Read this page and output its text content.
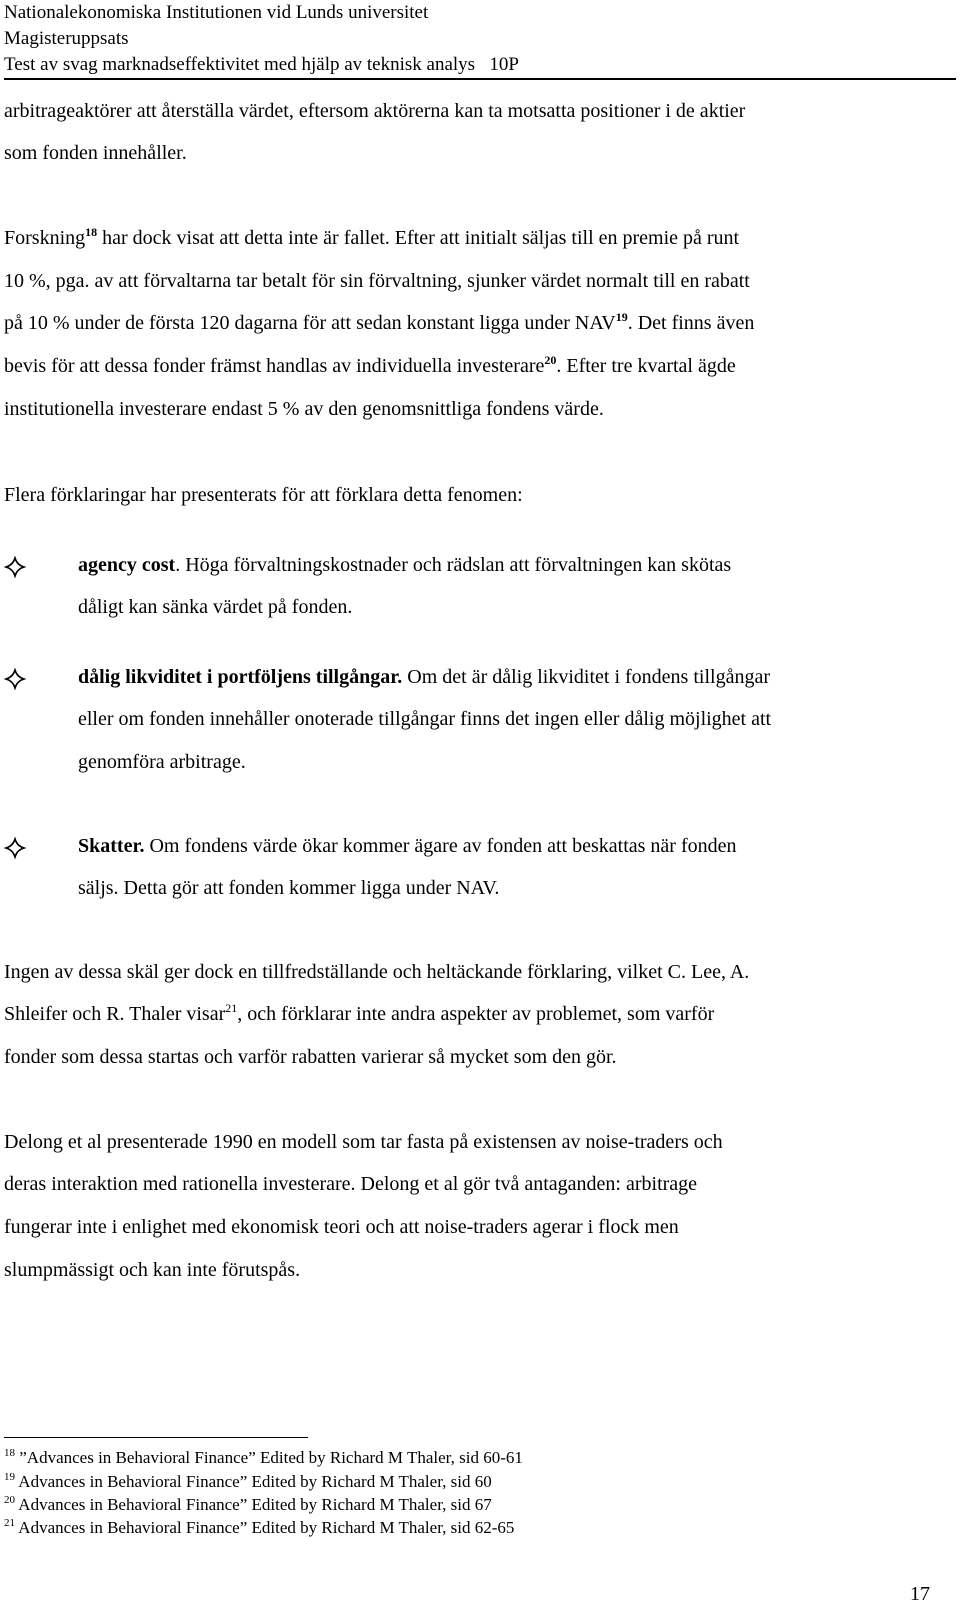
Nationalekonomiska Institutionen vid Lunds universitet
Magisteruppsats
Test av svag marknadseffektivitet med hjälp av teknisk analys 10P
arbitrageaktörer att återställa värdet, eftersom aktörerna kan ta motsatta positioner i de aktier
som fonden innehåller.
Forskning$^{18}$ har dock visat att detta inte är fallet. Efter att initialt säljas till en premie på runt
10 %, pga. av att förvaltarna tar betalt för sin förvaltning, sjunker värdet normalt till en rabatt
på 10 % under de första 120 dagarna för att sedan konstant ligga under NAV$^{19}$. Det finns även
bevis för att dessa fonder främst handlas av individuella investerare$^{20}$. Efter tre kvartal ägde
institutionella investerare endast 5 % av den genomsnittliga fondens värde.
Flera förklaringar har presenterats för att förklara detta fenomen:
agency cost. Höga förvaltningskostnader och rädslan att förvaltningen kan skötas
dåligt kan sänka värdet på fonden.
dålig likviditet i portföljens tillgångar. Om det är dålig likviditet i fondens tillgångar
eller om fonden innehåller onoterade tillgångar finns det ingen eller dålig möjlighet att
genomföra arbitrage.
Skatter. Om fondens värde ökar kommer ägare av fonden att beskattas när fonden
säljs. Detta gör att fonden kommer ligga under NAV.
Ingen av dessa skäl ger dock en tillfredställande och heltäckande förklaring, vilket C. Lee, A.
Shleifer och R. Thaler visar$^{21}$, och förklarar inte andra aspekter av problemet, som varför
fonder som dessa startas och varför rabatten varierar så mycket som den gör.
Delong et al presenterade 1990 en modell som tar fasta på existensen av noise-traders och
deras interaktion med rationella investerare. Delong et al gör två antaganden: arbitrage
fungerar inte i enlighet med ekonomisk teori och att noise-traders agerar i flock men
slumpmässigt och kan inte förutspås.
$^{18}$ ”Advances in Behavioral Finance” Edited by Richard M Thaler, sid 60-61
$^{19}$ Advances in Behavioral Finance” Edited by Richard M Thaler, sid 60
$^{20}$ Advances in Behavioral Finance” Edited by Richard M Thaler, sid 67
$^{21}$ Advances in Behavioral Finance” Edited by Richard M Thaler, sid 62-65
17
